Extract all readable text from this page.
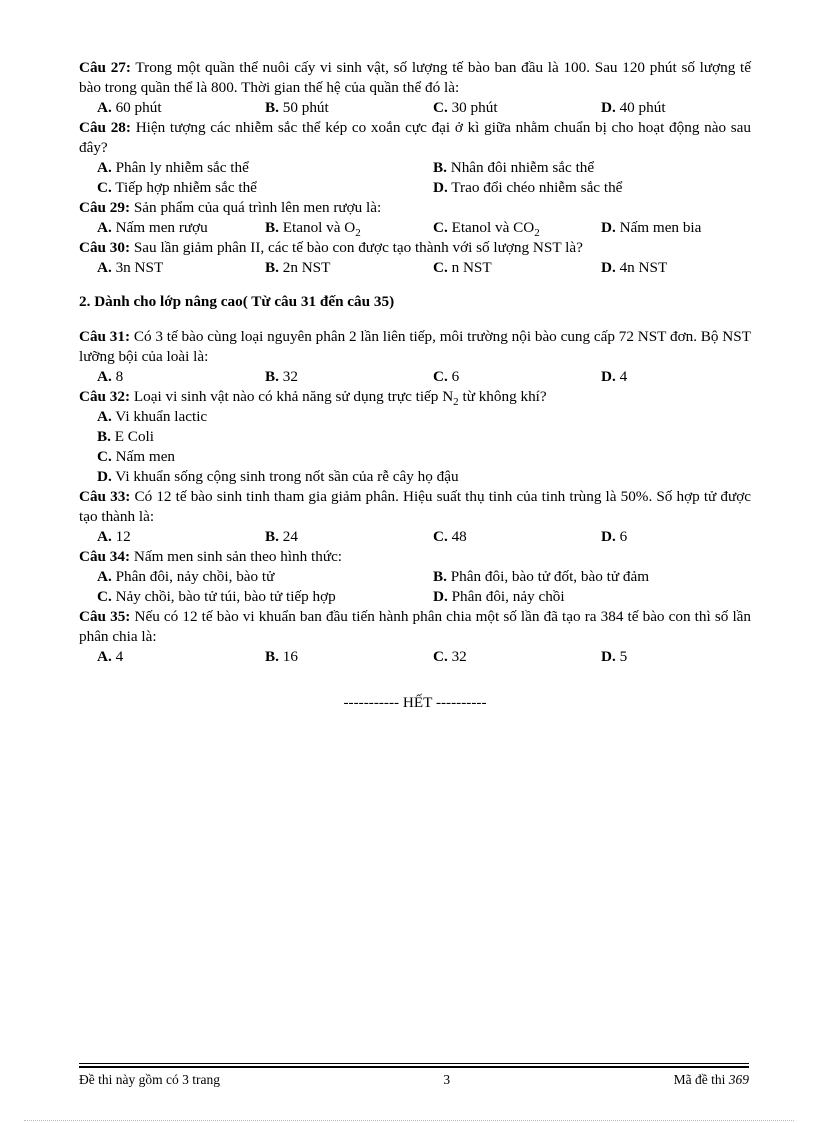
Câu 27: Trong một quần thể nuôi cấy vi sinh vật, số lượng tế bào ban đầu là 100. Sau 120 phút số lượng tế bào trong quần thể là 800. Thời gian thế hệ của quần thể đó là:

A. 60 phút	B. 50 phút	C. 30 phút	D. 40 phút

Câu 28: Hiện tượng các nhiễm sắc thể kép co xoắn cực đại ở kì giữa nhằm chuẩn bị cho hoạt động nào sau đây?

A. Phân ly nhiễm sắc thể	B. Nhân đôi nhiễm sắc thể
C. Tiếp hợp nhiễm sắc thể	D. Trao đổi chéo nhiễm sắc thể

Câu 29: Sản phẩm của quá trình lên men rượu là:

A. Nấm men rượu	B. Etanol và $O_2$	C. Etanol và $CO_2$	D. Nấm men bia

Câu 30: Sau lần giảm phân II, các tế bào con được tạo thành với số lượng NST là?

A. 3n NST	B. 2n NST	C. n NST	D. 4n NST

2. Dành cho lớp nâng cao( Từ câu 31 đến câu 35)

Câu 31: Có 3 tế bào cùng loại nguyên phân 2 lần liên tiếp, môi trường nội bào cung cấp 72 NST đơn. Bộ NST lưỡng bội của loài là:

A. 8	B. 32	C. 6	D. 4

Câu 32: Loại vi sinh vật nào có khả năng sử dụng trực tiếp $N_2$ từ không khí?

A. Vi khuẩn lactic
B. E Coli
C. Nấm men
D. Vi khuẩn sống cộng sinh trong nốt sần của rễ cây họ đậu

Câu 33: Có 12 tế bào sinh tinh tham gia giảm phân. Hiệu suất thụ tinh của tinh trùng là 50%. Số hợp tử được tạo thành là:

A. 12	B. 24	C. 48	D. 6

Câu 34: Nấm men sinh sản theo hình thức:

A. Phân đôi, nảy chồi, bào tử	B. Phân đôi, bào tử đốt, bào tử đảm
C. Nảy chồi, bào tử túi, bào tử tiếp hợp	D. Phân đôi, nảy chồi

Câu 35: Nếu có 12 tế bào vi khuẩn ban đầu tiến hành phân chia một số lần đã tạo ra 384 tế bào con thì số lần phân chia là:

A. 4	B. 16	C. 32	D. 5

----------- HẾT ----------

Đề thi này gồm có 3 trang	3	Mã đề thi 369
